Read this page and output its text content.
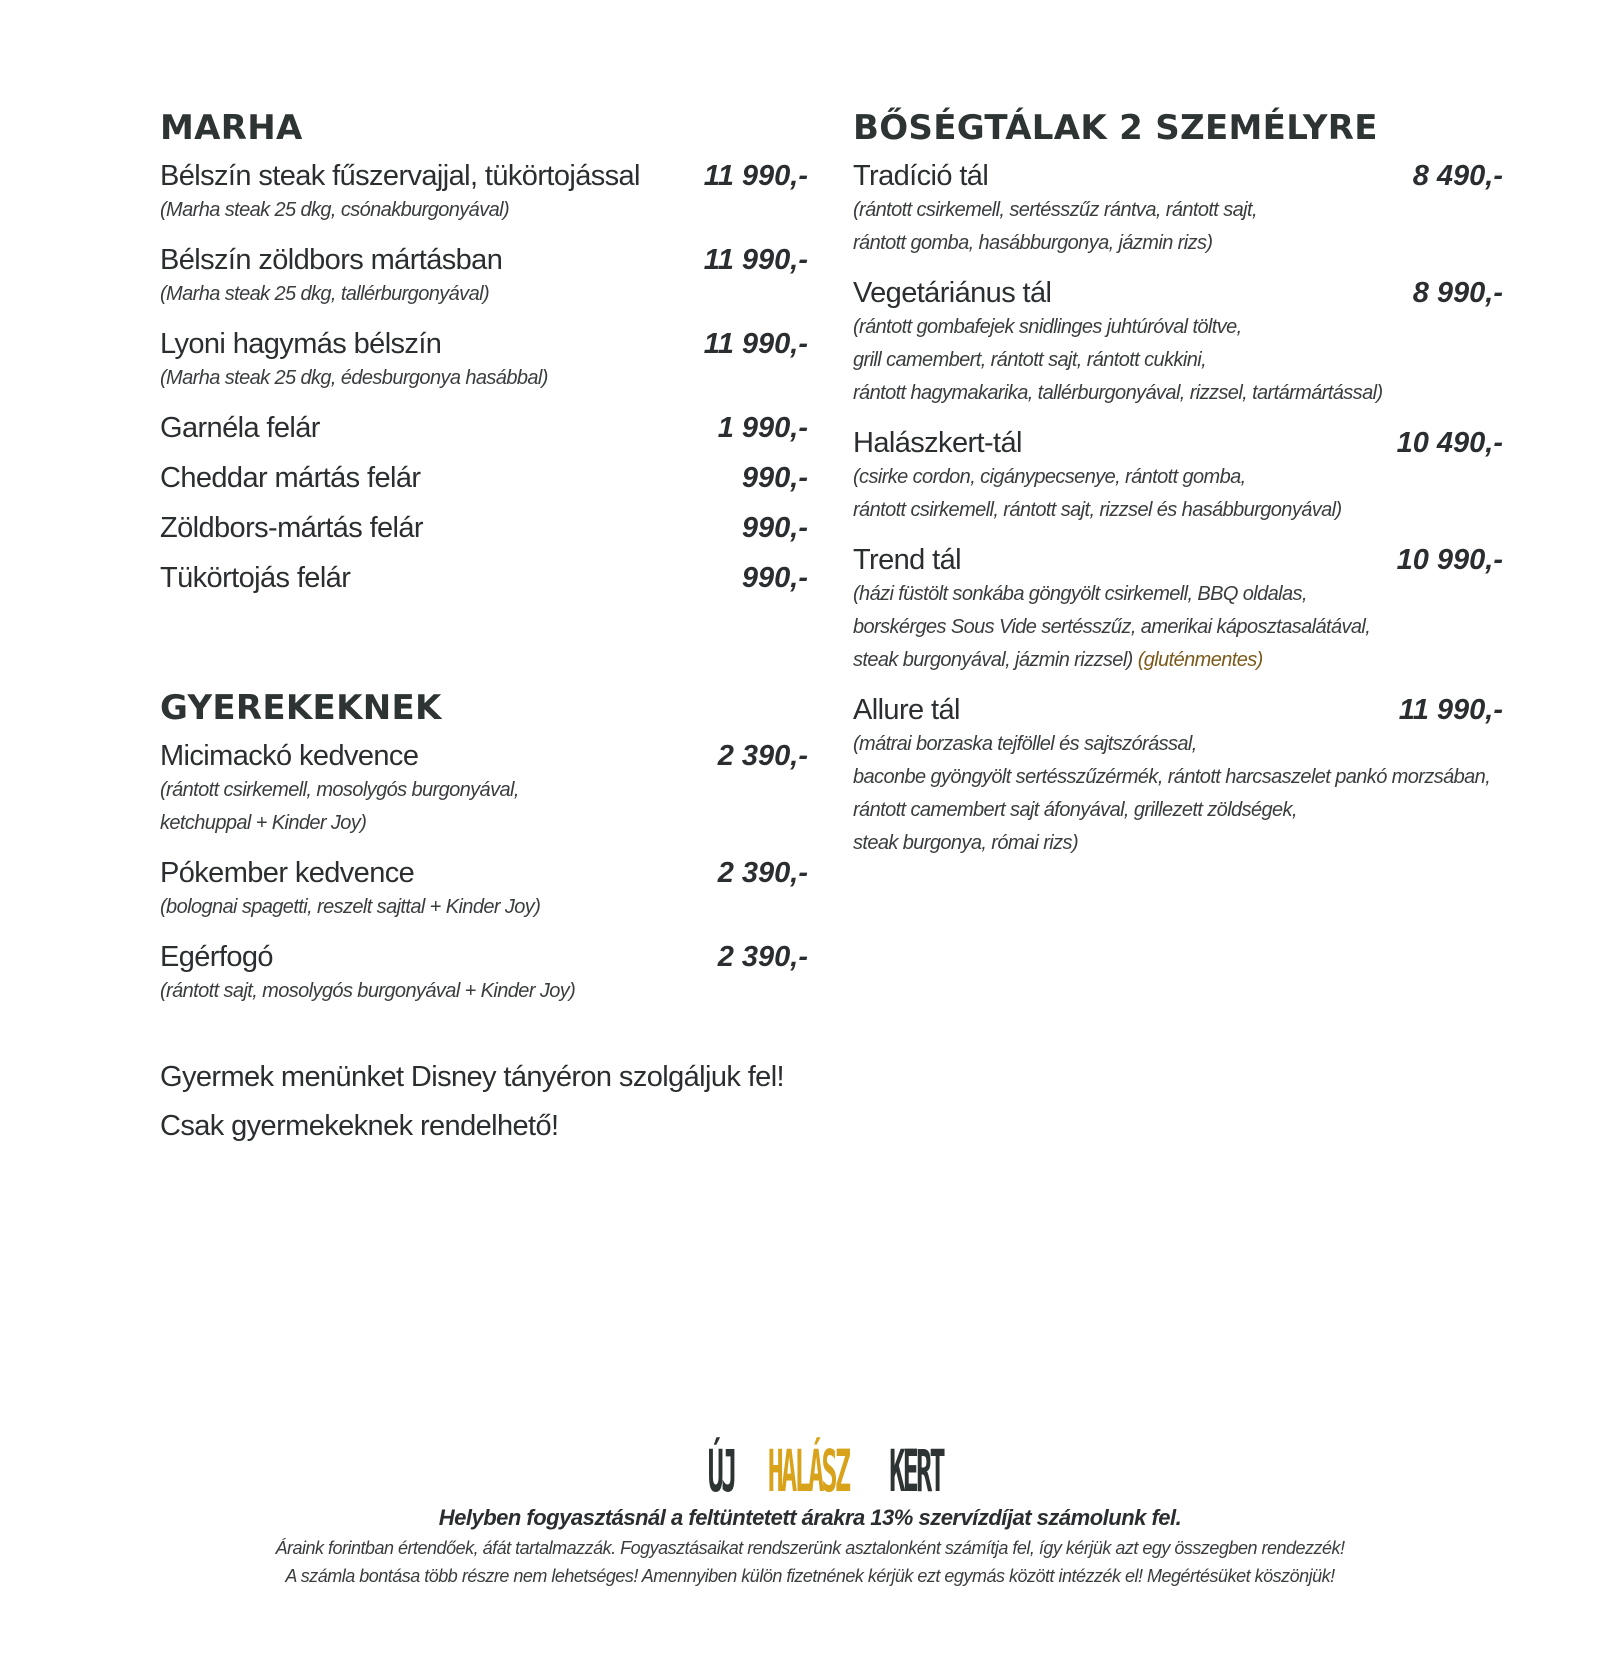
MARHA
Bélszín steak fűszervajjal, tükörtojással 11 990,-
(Marha steak 25 dkg, csónakburgonyával)
Bélszín zöldbors mártásban	11 990,-
(Marha steak 25 dkg, tallérburgonyával)
Lyoni hagymás bélszín	11 990,-
(Marha steak 25 dkg, édesburgonya hasábbal)
Garnéla felár	1 990,-
Cheddar mártás felár	990,-
Zöldbors-mártás felár	990,-
Tükörtojás felár	990,-
GYEREKEKNEK
Micimackó kedvence	2 390,-
(rántott csirkemell, mosolygós burgonyával,
ketchuppal + Kinder Joy)
Pókember kedvence	2 390,-
(bolognai spagetti, reszelt sajttal + Kinder Joy)
Egérfogó	2 390,-
(rántott sajt, mosolygós burgonyával + Kinder Joy)
Gyermek menünket Disney tányéron szolgáljuk fel!
Csak gyermekeknek rendelhető!
BŐSÉGTÁLAK 2 SZEMÉLYRE
Tradíció tál	8 490,-
(rántott csirkemell, sertésszűz rántva, rántott sajt,
rántott gomba, hasábburgonya, jázmin rizs)
Vegetáriánus tál	8 990,-
(rántott gombafejek snidlinges juhtúróval töltve,
grill camembert, rántott sajt, rántott cukkini,
rántott hagymakarika, tallérburgonyával, rizzsel, tartármártással)
Halászkert-tál	10 490,-
(csirke cordon, cigánypecsenye, rántott gomba,
rántott csirkemell, rántott sajt, rizzsel és hasábburgonyával)
Trend tál	10 990,-
(házi füstölt sonkába göngyölt csirkemell, BBQ oldalas,
borskérges Sous Vide sertésszűz, amerikai káposztasalátával,
steak burgonyával, jázmin rizzsel) (gluténmentes)
Allure tál	11 990,-
(mátrai borzaska tejföllel és sajtszórással,
baconbe gyöngyölt sertésszűzérmék, rántott harcsaszelet pankó morzsában,
rántott camembert sajt áfonyával, grillezett zöldségek,
steak burgonya, római rizs)
ÚJ HALÁSZ KERT
Helyben fogyasztásnál a feltüntetett árakra 13% szervízdíjat számolunk fel.
Áraink forintban értendőek, áfát tartalmazzák. Fogyasztásaikat rendszerünk asztalonként számítja fel, így kérjük azt egy összegben rendezzék!
A számla bontása több részre nem lehetséges! Amennyiben külön fizetnének kérjük ezt egymás között intézzék el! Megértésüket köszönjük!
